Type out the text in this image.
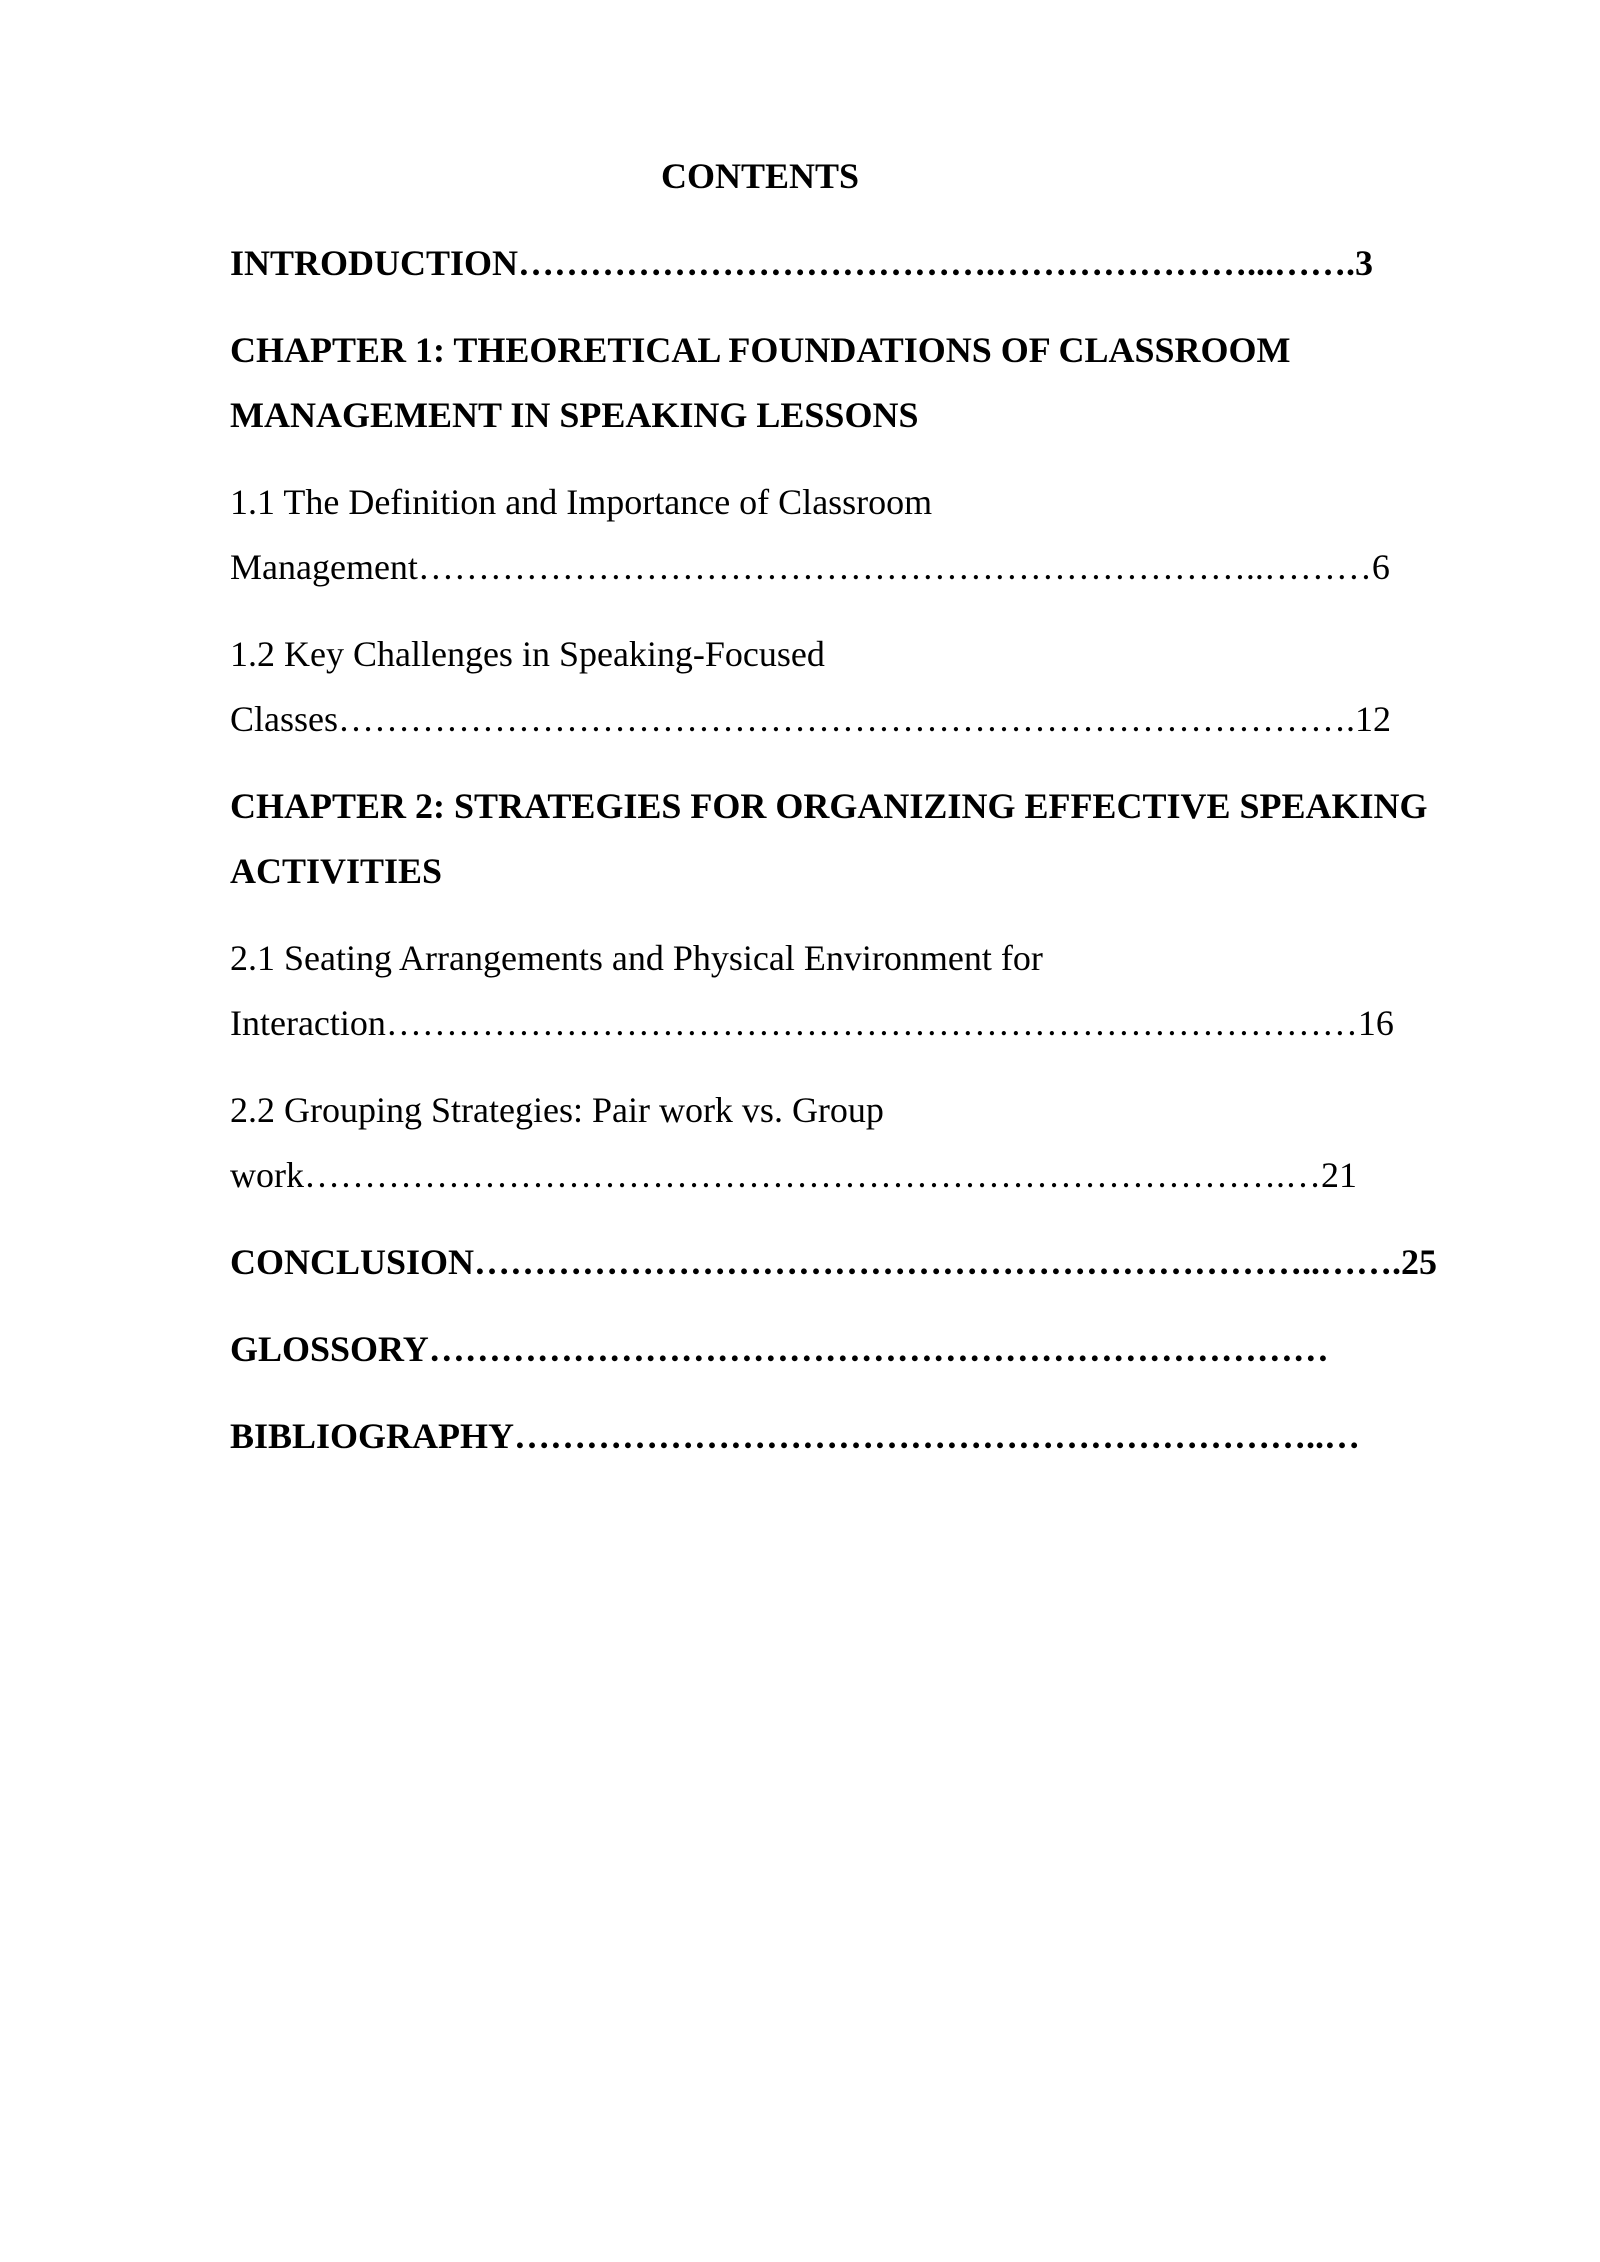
CONTENTS
INTRODUCTION………………………………….…………………...…….3
CHAPTER 1: THEORETICAL FOUNDATIONS OF CLASSROOM
MANAGEMENT IN SPEAKING LESSONS
1.1 The Definition and Importance of Classroom
Management……………………………………………………………..………6
1.2 Key Challenges in Speaking-Focused
Classes………………………………………………………………………….12
CHAPTER 2: STRATEGIES FOR ORGANIZING EFFECTIVE SPEAKING
ACTIVITIES
2.1 Seating Arrangements and Physical Environment for
Interaction………………………………………………………………………16
2.2 Grouping Strategies: Pair work vs. Group
work……………………………………………………………………….…21
CONCLUSION……………………………………………………………..…….25
GLOSSORY…………………………………………………………………
BIBLIOGRAPHY…………………………………………………………..…
